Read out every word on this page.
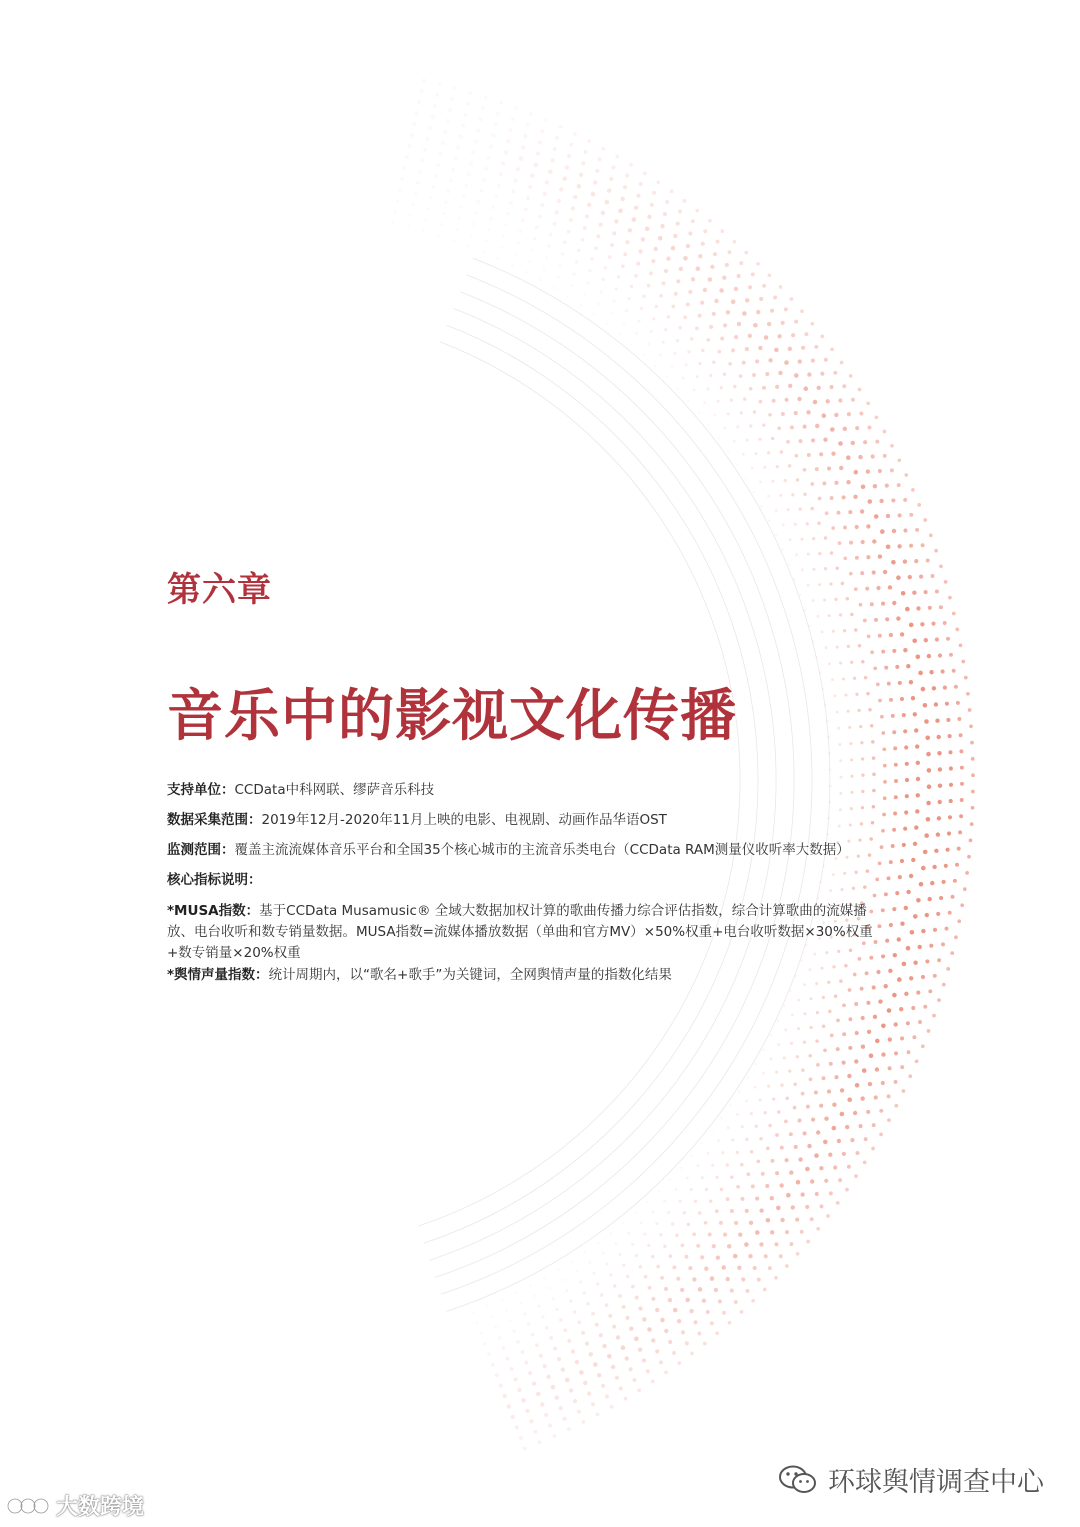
第六章
音乐中的影视文化传播

支持单位：CCData中科网联、缪萨音乐科技

数据采集范围：2019年12月-2020年11月上映的电影、电视剧、动画作品华语OST

监测范围：覆盖主流流媒体音乐平台和全国35个核心城市的主流音乐类电台（CCData RAM测量仪收听率大数据）

核心指标说明：

*MUSA指数：基于CCData Musamusic® 全域大数据加权计算的歌曲传播力综合评估指数，综合计算歌曲的流媒播放、电台收听和数专销量数据。MUSA指数=流媒体播放数据（单曲和官方MV）×50%权重+电台收听数据×30%权重+数专销量×20%权重

*舆情声量指数：统计周期内，以“歌名+歌手”为关键词，全网舆情声量的指数化结果

环球舆情调查中心
大数跨境
